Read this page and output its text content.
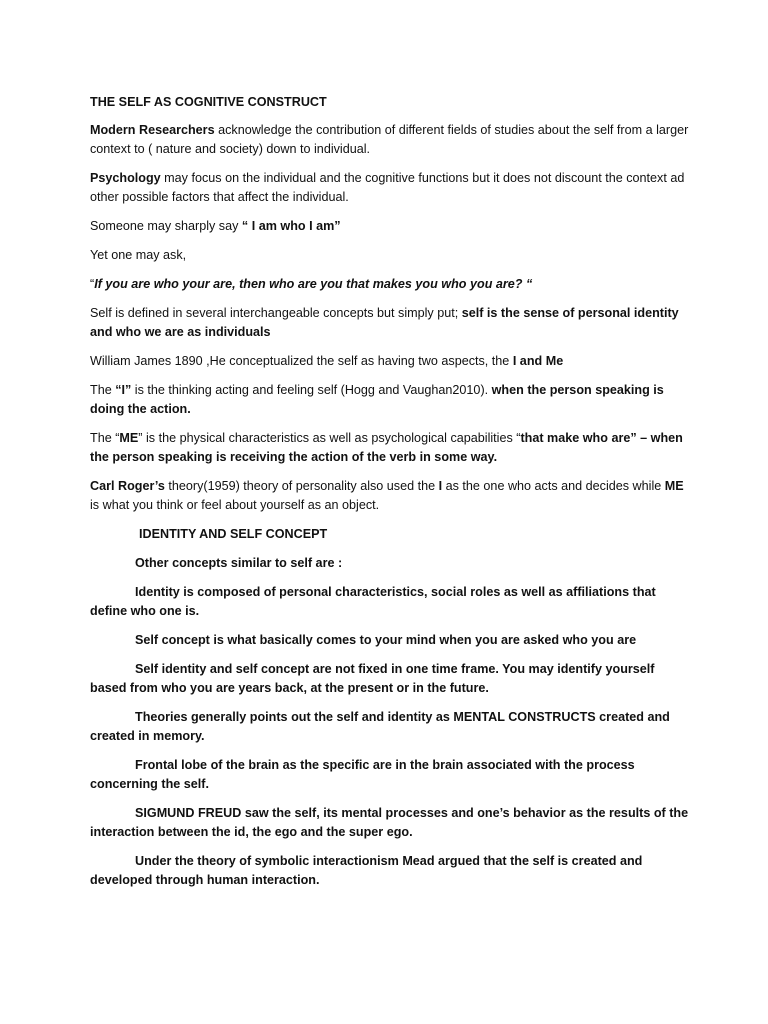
THE SELF AS COGNITIVE CONSTRUCT

Modern Researchers acknowledge the contribution of different fields of studies about the self from a larger context to ( nature and society) down to individual.

Psychology may focus on the individual and the cognitive functions but it does not discount the context ad other possible factors that affect the individual.

Someone may sharply say “ I am who I am”

Yet one may ask,

“If you are who your are, then who are you that makes you who you are? “

Self is defined in several interchangeable concepts but simply put; self is the sense of personal identity and who we are as individuals

William James 1890 ,He conceptualized the self as having two aspects, the I and Me

The “I” is the thinking acting and feeling self (Hogg and Vaughan2010). when the person speaking is doing the action.

The “ME” is the physical characteristics as well as psychological capabilities “that make who are” – when the person speaking is receiving the action of the verb in some way.

Carl Roger’s theory(1959) theory of personality also used the I as the one who acts and decides while ME is what you think or feel about yourself as an object.

IDENTITY AND SELF CONCEPT

Other concepts similar to self are :

Identity is composed of personal characteristics, social roles as well as affiliations that define who one is.

Self concept is what basically comes to your mind when you are asked who you are

Self identity and self concept are not fixed in one time frame. You may identify yourself based from who you are years back, at the present or in the future.

Theories generally points out the self and identity as MENTAL CONSTRUCTS created and created in memory.

Frontal lobe of the brain as the specific are in the brain associated with the process concerning the self.

SIGMUND FREUD saw the self, its mental processes and one’s behavior as the results of the interaction between the id, the ego and the super ego.

Under the theory of symbolic interactionism Mead argued that the self is created and developed through human interaction.
